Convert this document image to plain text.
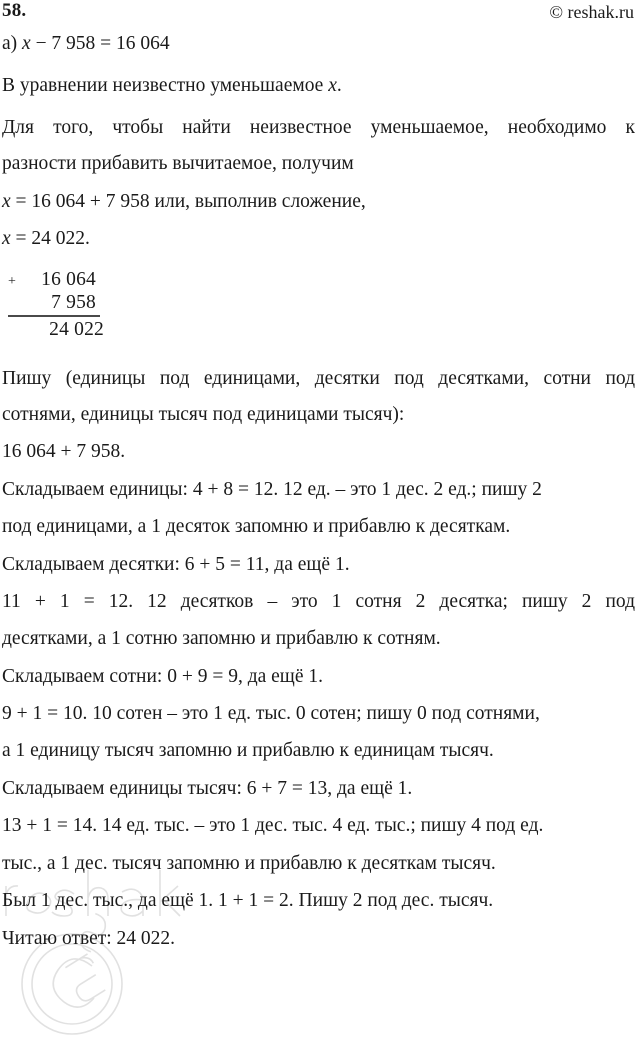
58.	© reshak.ru
а) x − 7 958 = 16 064
В уравнении неизвестно уменьшаемое x.
Для того, чтобы найти неизвестное уменьшаемое, необходимо к
разности прибавить вычитаемое, получим
x = 16 064 + 7 958 или, выполнив сложение,
x = 24 022.
Пишу (единицы под единицами, десятки под десятками, сотни под
сотнями, единицы тысяч под единицами тысяч):
16 064 + 7 958.
Складываем единицы: 4 + 8 = 12. 12 ед. – это 1 дес. 2 ед.; пишу 2
под единицами, а 1 десяток запомню и прибавлю к десяткам.
Складываем десятки: 6 + 5 = 11, да ещё 1.
11 + 1 = 12. 12 десятков – это 1 сотня 2 десятка; пишу 2 под
десятками, а 1 сотню запомню и прибавлю к сотням.
Складываем сотни: 0 + 9 = 9, да ещё 1.
9 + 1 = 10. 10 сотен – это 1 ед. тыс. 0 сотен; пишу 0 под сотнями,
а 1 единицу тысяч запомню и прибавлю к единицам тысяч.
Складываем единицы тысяч: 6 + 7 = 13, да ещё 1.
13 + 1 = 14. 14 ед. тыс. – это 1 дес. тыс. 4 ед. тыс.; пишу 4 под ед.
тыс., а 1 дес. тысяч запомню и прибавлю к десяткам тысяч.
Был 1 дес. тыс., да ещё 1. 1 + 1 = 2. Пишу 2 под дес. тысяч.
Читаю ответ: 24 022.
+	16 064
7 958
24 022
